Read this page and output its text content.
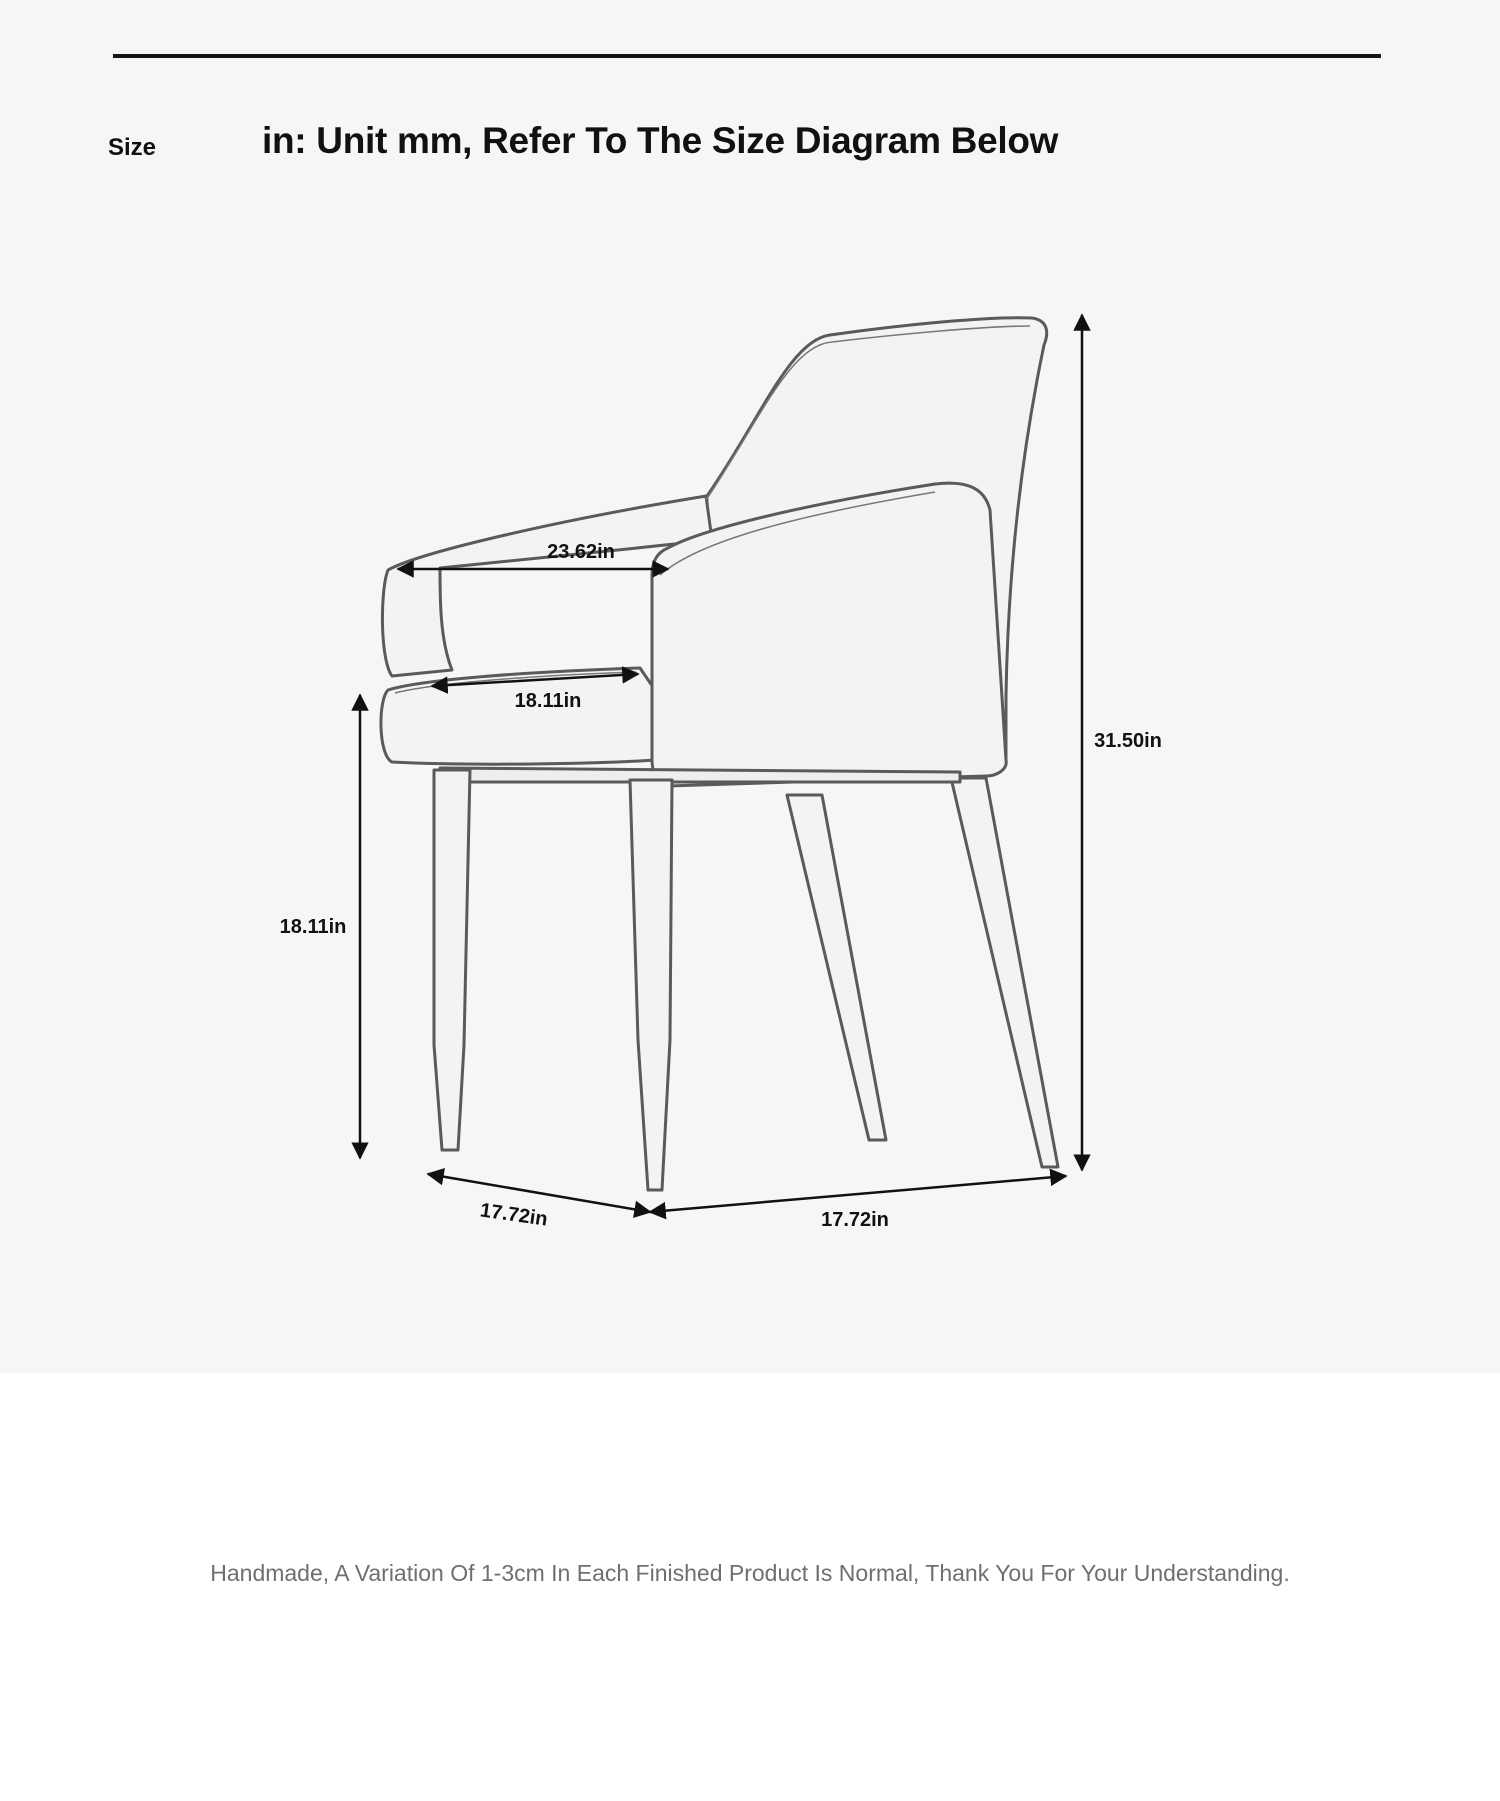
Size	in: Unit mm, Refer To The Size Diagram Below
23.62in
18.11in
18.11in
31.50in
17.72in	17.72in
Handmade, A Variation Of 1-3cm In Each Finished Product Is Normal, Thank You For Your Understanding.
